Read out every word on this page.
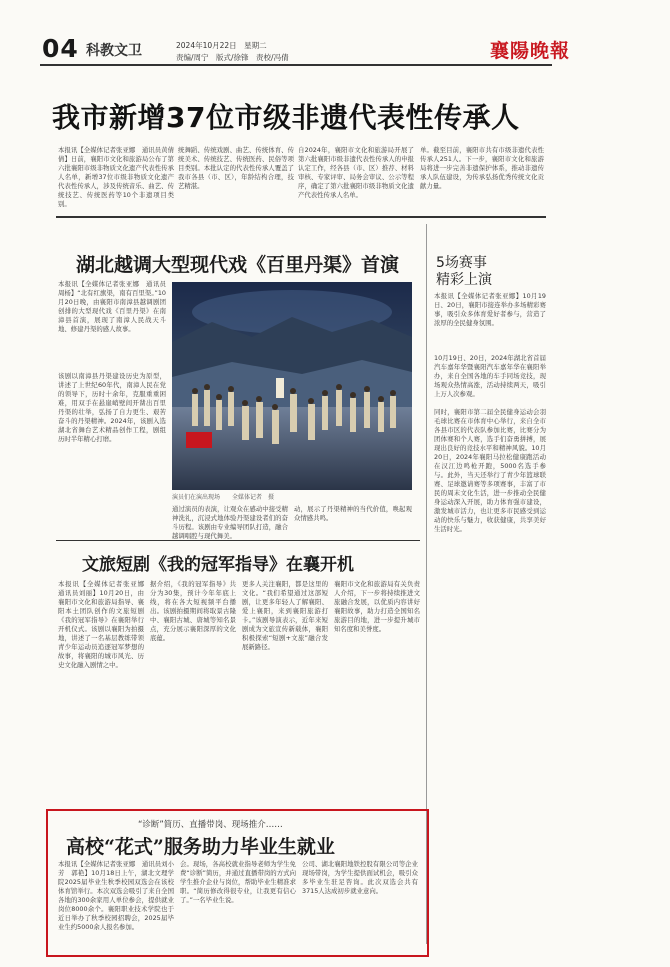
04 科教文卫	2024年10月22日　星期二
责编/周宁　版式/徐锋　责校/冯倩	襄陽晚報
我市新增37位市级非遗代表性传承人
本报讯【全媒体记者张亚娜　通讯员黄倩倩】日前，襄阳市文化和旅游局公布了第六批襄阳市级非物质文化遗产代表性传承人名单，新增37位市级非物质文化遗产代表性传承人，涉及传统音乐、曲艺、传统技艺、传统医药等10个非遗项目类别。
统舞蹈、传统戏剧、曲艺、传统体育、传统美术、传统技艺、传统医药、民俗等项目类别。本批认定的代表性传承人覆盖了我市各县（市、区），年龄结构合理，技艺精湛。
自2024年，襄阳市文化和旅游局开展了第六批襄阳市级非遗代表性传承人的申报认定工作，经各县（市、区）推荐、材料审核、专家评审、局务会审议、公示等程序，确定了第六批襄阳市级非物质文化遗产代表性传承人名单。
单。截至目前，襄阳市共有市级非遗代表性传承人251人。下一步，襄阳市文化和旅游局将进一步完善非遗保护体系，推动非遗传承人队伍建设，为传承弘扬优秀传统文化贡献力量。
湖北越调大型现代戏《百里丹渠》首演
本报讯【全媒体记者张亚娜　通讯员周杨】“北有红旗渠，南有百里渠。”10月20日晚，由襄阳市南漳县越调剧团创排的大型现代戏《百里丹渠》在南漳县首演，展现了南漳人民战天斗地、修建丹渠的感人故事。
该剧以南漳县丹渠建设历史为原型，讲述了上世纪60年代，南漳人民在党的领导下，历时十余年，克服重重困难，用双手在悬崖峭壁间开凿出百里丹渠的壮举，弘扬了自力更生、艰苦奋斗的丹渠精神。2024年，该剧入选湖北省舞台艺术精品创作工程，剧组历时半年精心打磨。
演员们在演出现场　　全媒体记者　摄
通过演员的表演，让观众在感动中接受精神洗礼，沉浸式地体验丹渠建设者们的奋斗历程。该剧由专业编导团队打造，融合越调唱腔与现代舞美。
动，展示了丹渠精神的当代价值，唤起观众情感共鸣。
5场赛事
精彩上演
本报讯【全媒体记者张亚娜】10月19日、20日，襄阳市接连举办多场精彩赛事，吸引众多体育爱好者参与，营造了浓厚的全民健身氛围。
10月19日、20日，2024年湖北省首届汽车嘉年华暨襄阳汽车嘉年华在襄阳举办，来自全国各地的车手同场竞技，现场观众热情高涨，活动持续两天，吸引上万人次参观。
同时，襄阳市第二届全民健身运动会羽毛球比赛在市体育中心举行，来自全市各县市区的代表队参加比赛，比赛分为团体赛和个人赛，选手们奋勇拼搏，展现出良好的竞技水平和精神风貌。10月20日，2024年襄阳马拉松健康跑活动在汉江边鸣枪开跑，5000名选手参与。此外，当天还举行了青少年篮球联赛、足球邀请赛等多项赛事，丰富了市民的周末文化生活，进一步推动全民健身运动深入开展，助力体育强市建设，激发城市活力，也让更多市民感受到运动的快乐与魅力，收获健康，共享美好生活时光。
文旅短剧《我的冠军指导》在襄开机
本报讯【全媒体记者张亚娜　通讯员刘丽】10月20日，由襄阳市文化和旅游局指导、襄阳本土团队创作的文旅短剧《我的冠军指导》在襄阳举行开机仪式。该剧以襄阳为拍摄地，讲述了一名基层教练带领青少年运动员追逐冠军梦想的故事，将襄阳的城市风光、历史文化融入剧情之中。
据介绍，《我的冠军指导》共分为30集，预计今年年底上线，将在各大短视频平台播出。该剧拍摄期间将取景古隆中、襄阳古城、唐城等知名景点，充分展示襄阳深厚的文化底蕴。
更多人关注襄阳，都是这里的文化。“我们希望通过这部短剧，让更多年轻人了解襄阳、爱上襄阳，来到襄阳旅游打卡。”该剧导演表示，近年来短剧成为文旅宣传新载体，襄阳积极探索“短剧+文旅”融合发展新路径。
襄阳市文化和旅游局有关负责人介绍，下一步将持续推进文旅融合发展，以优质内容讲好襄阳故事，助力打造全国知名旅游目的地，进一步提升城市知名度和美誉度。
“诊断”简历、直播带岗、现场推介……
高校“花式”服务助力毕业生就业
本报讯【全媒体记者张亚娜　通讯员刘小芳　郭艳】10月18日上午，湖北文理学院2025届毕业生秋季校园双选会在该校体育馆举行。本次双选会吸引了来自全国各地的300余家用人单位参会，提供就业岗位8000余个。襄阳职业技术学院也于近日举办了秋季校园招聘会，2025届毕业生约5000余人报名参加。
会。现场，各高校就业指导老师为学生免费“诊断”简历，并通过直播带岗的方式向学生推介企业与岗位，帮助毕业生精准求职。“简历修改得很专业，让我更有信心了。”一名毕业生说。
公司、湖北襄阳地铁控股有限公司等企业现场带岗，为学生提供面试机会，吸引众多毕业生驻足咨询。此次双选会共有3715人达成初步就业意向。
